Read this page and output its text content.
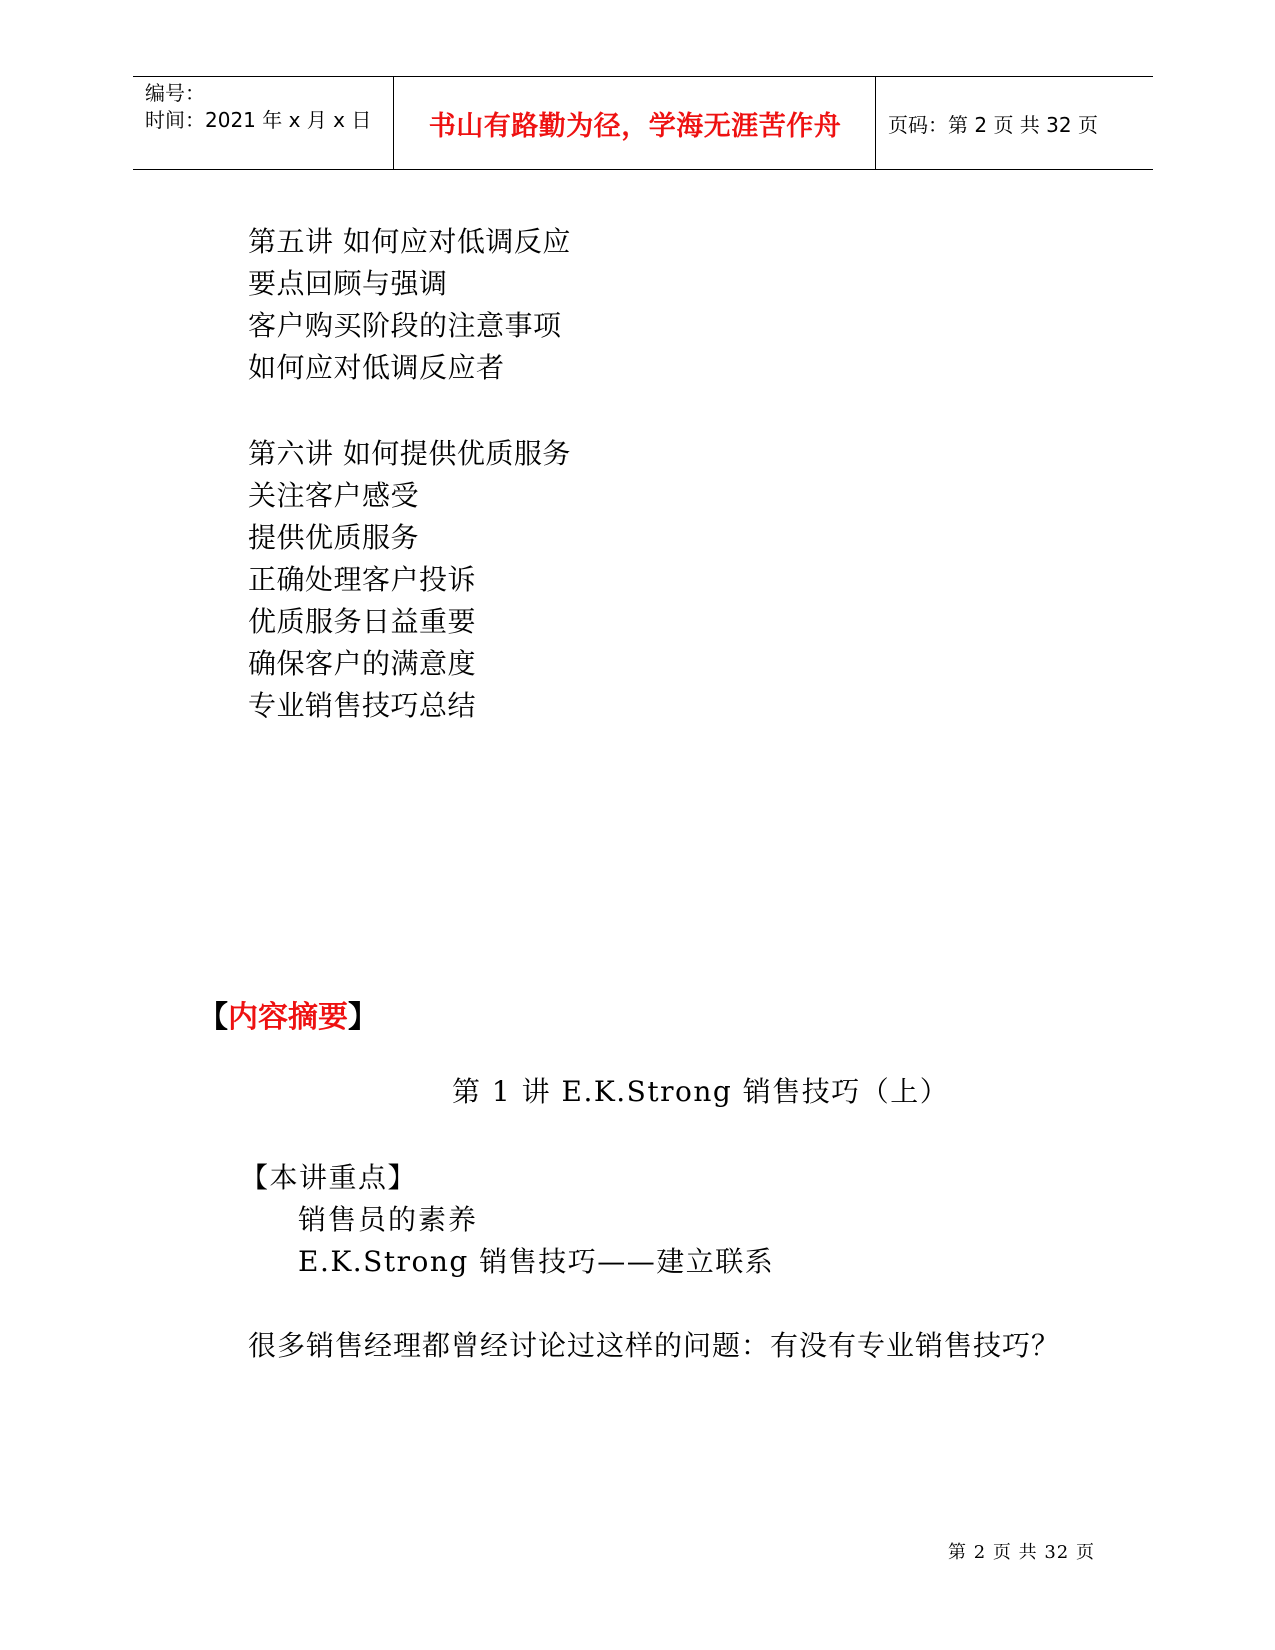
编号：
时间：2021 年 x 月 x 日 书山有路勤为径，学海无涯苦作舟 页码：第 2 页 共 32 页
第五讲 如何应对低调反应
要点回顾与强调
客户购买阶段的注意事项
如何应对低调反应者
第六讲 如何提供优质服务
关注客户感受
提供优质服务
正确处理客户投诉
优质服务日益重要
确保客户的满意度
专业销售技巧总结
【内容摘要】
第 1 讲 E.K.Strong 销售技巧（上）
【本讲重点】
销售员的素养
E.K.Strong 销售技巧——建立联系
很多销售经理都曾经讨论过这样的问题：有没有专业销售技巧？
第 2 页 共 32 页
